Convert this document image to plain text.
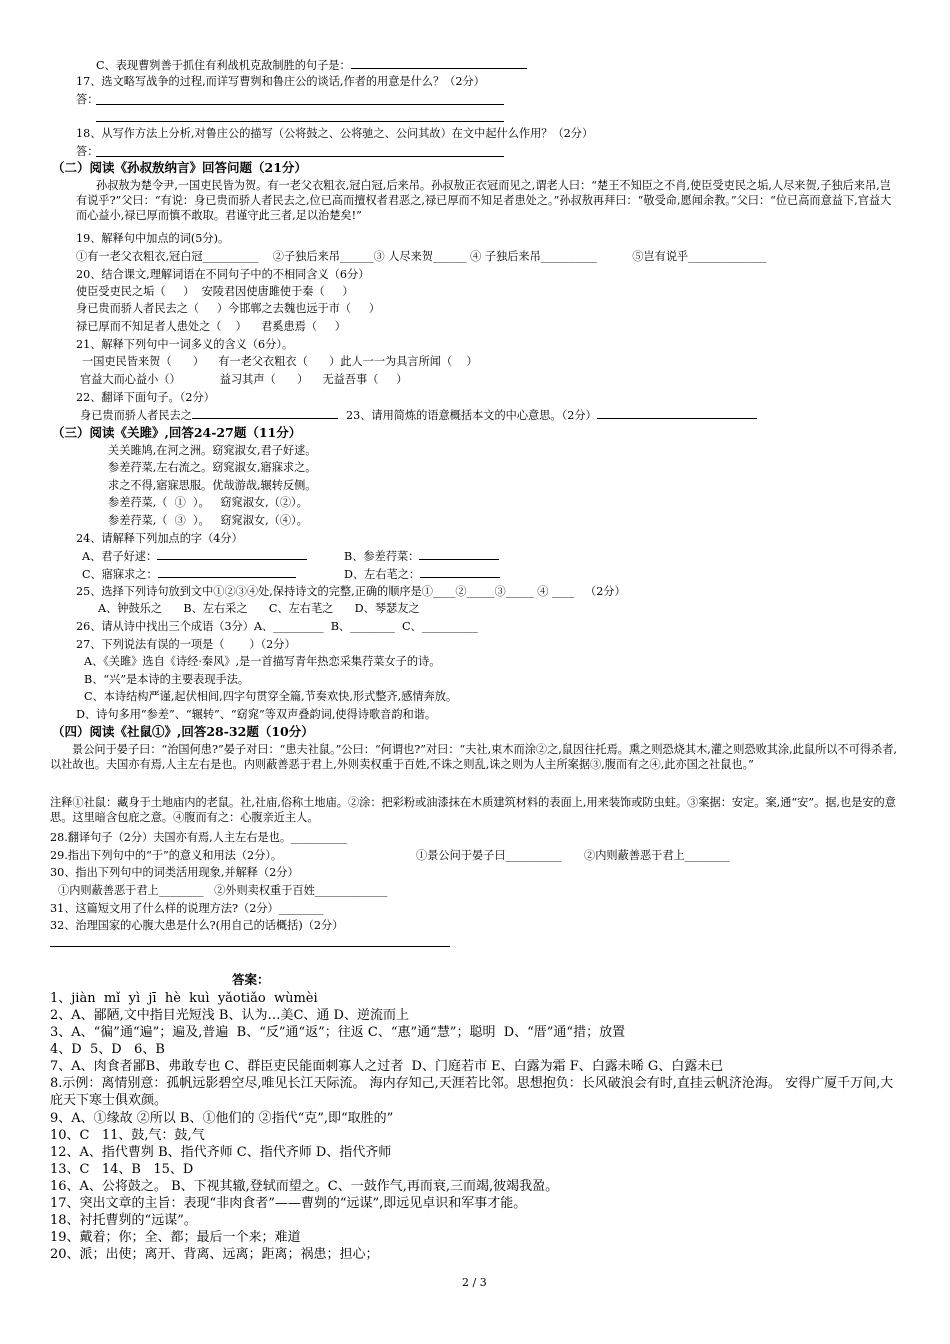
C、表现曹刿善于抓住有利战机克敌制胜的句子是：
17、选文略写战争的过程,而详写曹刿和鲁庄公的谈话,作者的用意是什么？（2分）
答：
18、从写作方法上分析,对鲁庄公的描写（公将鼓之、公将驰之、公问其故）在文中起什么作用？（2分）
答：
（二）阅读《孙叔敖纳言》回答问题（21分）
孙叔敖为楚令尹,一国吏民皆为贺。有一老父衣粗衣,冠白冠,后来吊。孙叔敖正衣冠而见之,谓老人曰：“楚王不知臣之不肖,使臣受吏民之垢,人尽来贺,子独后来吊,岂有说乎?”父曰：“有说：身已贵而骄人者民去之,位已高而擅权者君恶之,禄已厚而不知足者患处之。”孙叔敖再拜曰：“敬受命,愿闻余教。”父曰：“位已高而意益下,官益大而心益小,禄已厚而慎不敢取。君谨守此三者,足以治楚矣!”
19、解释句中加点的词(5分)。
①有一老父衣粗衣,冠白冠__________    ②子独后来吊______③ 人尽来贺______ ④ 子独后来吊__________          ⑤岂有说乎______________
20、结合课文,理解词语在不同句子中的不相同含义（6分）
使臣受吏民之垢（     ）  安陵君因使唐雎使于秦（     ）
身已贵而骄人者民去之（     ）今邯郸之去魏也远于市（     ）
禄已厚而不知足者人患处之（    ）    君奚患焉（     ）
21、解释下列句中一词多义的含义（6分）。
一国吏民皆来贺（      ）    有一老父衣粗衣（      ）此人一一为具言所闻（    ）
官益大而心益小（）           益习其声（      ）    无益吾事（     ）
22、翻译下面句子。（2分）
身已贵而骄人者民去之	23、请用简炼的语意概括本文的中心意思。（2分）
（三）阅读《关雎》,回答24-27题（11分）
关关雎鸠,在河之洲。窈窕淑女,君子好逑。
参差荇菜,左右流之。窈窕淑女,寤寐求之。
求之不得,寤寐思服。优哉游哉,辗转反侧。
参差荇菜,（  ①  ）。   窈窕淑女,（②）。
参差荇菜,（  ③  ）。   窈窕淑女,（④）。
24、请解释下列加点的字（4分）
A、君子好逑：	B、参差荇菜：
C、寤寐求之：	D、左右芼之：
25、选择下列诗句放到文中①②③④处,保持诗文的完整,正确的顺序是①____②_____③_____ ④ ____   （2分）
A、钟鼓乐之      B、左右采之      C、左右芼之      D、琴瑟友之
26、请从诗中找出三个成语（3分）A、_________  B、________  C、__________
27、下列说法有误的一项是（       ）（2分）
A、《关雎》选自《诗经·秦风》,是一首描写青年热恋采集荇菜女子的诗。
B、“兴”是本诗的主要表现手法。
C、本诗结构严谨,起伏相间,四字句贯穿全篇,节奏欢快,形式整齐,感情奔放。
D、诗句多用“参差”、“辗转”、“窈窕”等双声叠韵词,使得诗歌音韵和谐。
（四）阅读《社鼠①》,回答28-32题（10分）
景公问于晏子曰：“治国何患?”晏子对曰：“患夫社鼠。”公曰：“何谓也?”对曰：“夫社,束木而涂②之,鼠因往托焉。熏之则恐烧其木,灌之则恐败其涂,此鼠所以不可得杀者,以社故也。夫国亦有焉,人主左右是也。内则蔽善恶于君上,外则卖权重于百姓,不诛之则乱,诛之则为人主所案据③,腹而有之④,此亦国之社鼠也。”
注释①社鼠：藏身于土地庙内的老鼠。社,社庙,俗称土地庙。②涂：把彩粉或油漆抹在木质建筑材料的表面上,用来装饰或防虫蛀。③案据：安定。案,通“安”。据,也是安的意思。这里暗含包庇之意。④腹而有之：心腹亲近主人。
28.翻译句子（2分）夫国亦有焉,人主左右是也。__________
29.指出下列句中的“于”的意义和用法（2分）。	①景公问于晏子曰__________ ②内则蔽善恶于君上________
30、指出下列句中的词类活用现象,并解释（2分）
①内则蔽善恶于君上________   ②外则卖权重于百姓_____________
31、这篇短文用了什么样的说理方法?（2分）________
32、治理国家的心腹大患是什么?(用自己的话概括)（2分）
答案：
1、jiàn  mǐ  yì  jī  hè  kuì  yǎotiǎo  wùmèi
2、A、鄙陋,文中指目光短浅 B、认为…美C、通 D、逆流而上
3、A、“徧”通“遍”；遍及,普遍  B、“反”通“返”；往返 C、“惠”通“慧”；聪明  D、“厝”通“措；放置
4、D  5、D   6、B
7、A、肉食者鄙B、弗敢专也 C、群臣吏民能面刺寡人之过者  D、门庭若市 E、白露为霜 F、白露未晞 G、白露未已
8.示例：离情别意：孤帆远影碧空尽,唯见长江天际流。 海内存知己,天涯若比邻。思想抱负：长风破浪会有时,直挂云帆济沧海。 安得广厦千万间,大庇天下寒士俱欢颜。
9、A、①缘故 ②所以 B、①他们的 ②指代“克”,即“取胜的”
10、C   11、鼓,气：鼓,气
12、A、指代曹刿 B、指代齐师 C、指代齐师 D、指代齐师
13、C   14、B   15、D
16、A、公将鼓之。 B、下视其辙,登轼而望之。C、一鼓作气,再而衰,三而竭,彼竭我盈。
17、突出文章的主旨：表现“非肉食者”——曹刿的“远谋”,即远见卓识和军事才能。
18、衬托曹刿的“远谋”。
19、戴着；你；全、都；最后一个来；难道
20、派；出使；离开、背离、远离；距离；祸患；担心；
2 / 3
